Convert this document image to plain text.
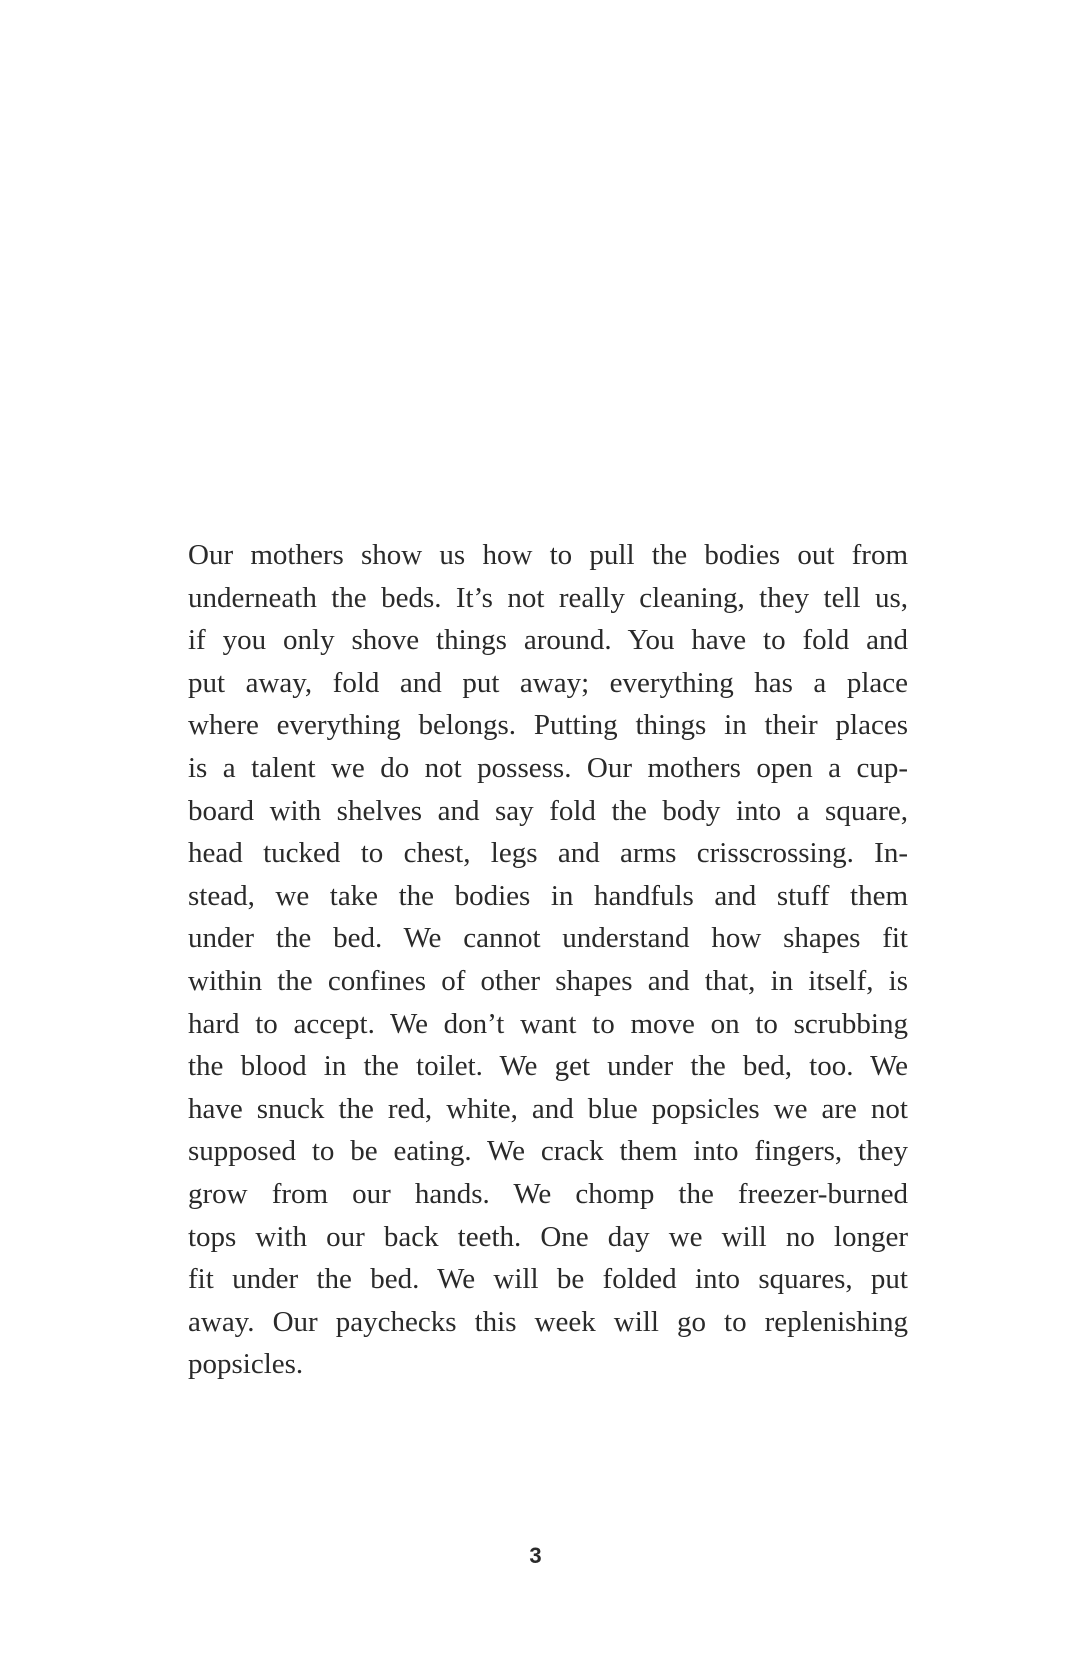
Our mothers show us how to pull the bodies out from
underneath the beds. It’s not really cleaning, they tell us,
if you only shove things around. You have to fold and
put away, fold and put away; everything has a place
where everything belongs. Putting things in their places
is a talent we do not possess. Our mothers open a cup-
board with shelves and say fold the body into a square,
head tucked to chest, legs and arms crisscrossing. In-
stead, we take the bodies in handfuls and stuff them
under the bed. We cannot understand how shapes fit
within the confines of other shapes and that, in itself, is
hard to accept. We don’t want to move on to scrubbing
the blood in the toilet. We get under the bed, too. We
have snuck the red, white, and blue popsicles we are not
supposed to be eating. We crack them into fingers, they
grow from our hands. We chomp the freezer-burned
tops with our back teeth. One day we will no longer
fit under the bed. We will be folded into squares, put
away. Our paychecks this week will go to replenishing
popsicles.

3
